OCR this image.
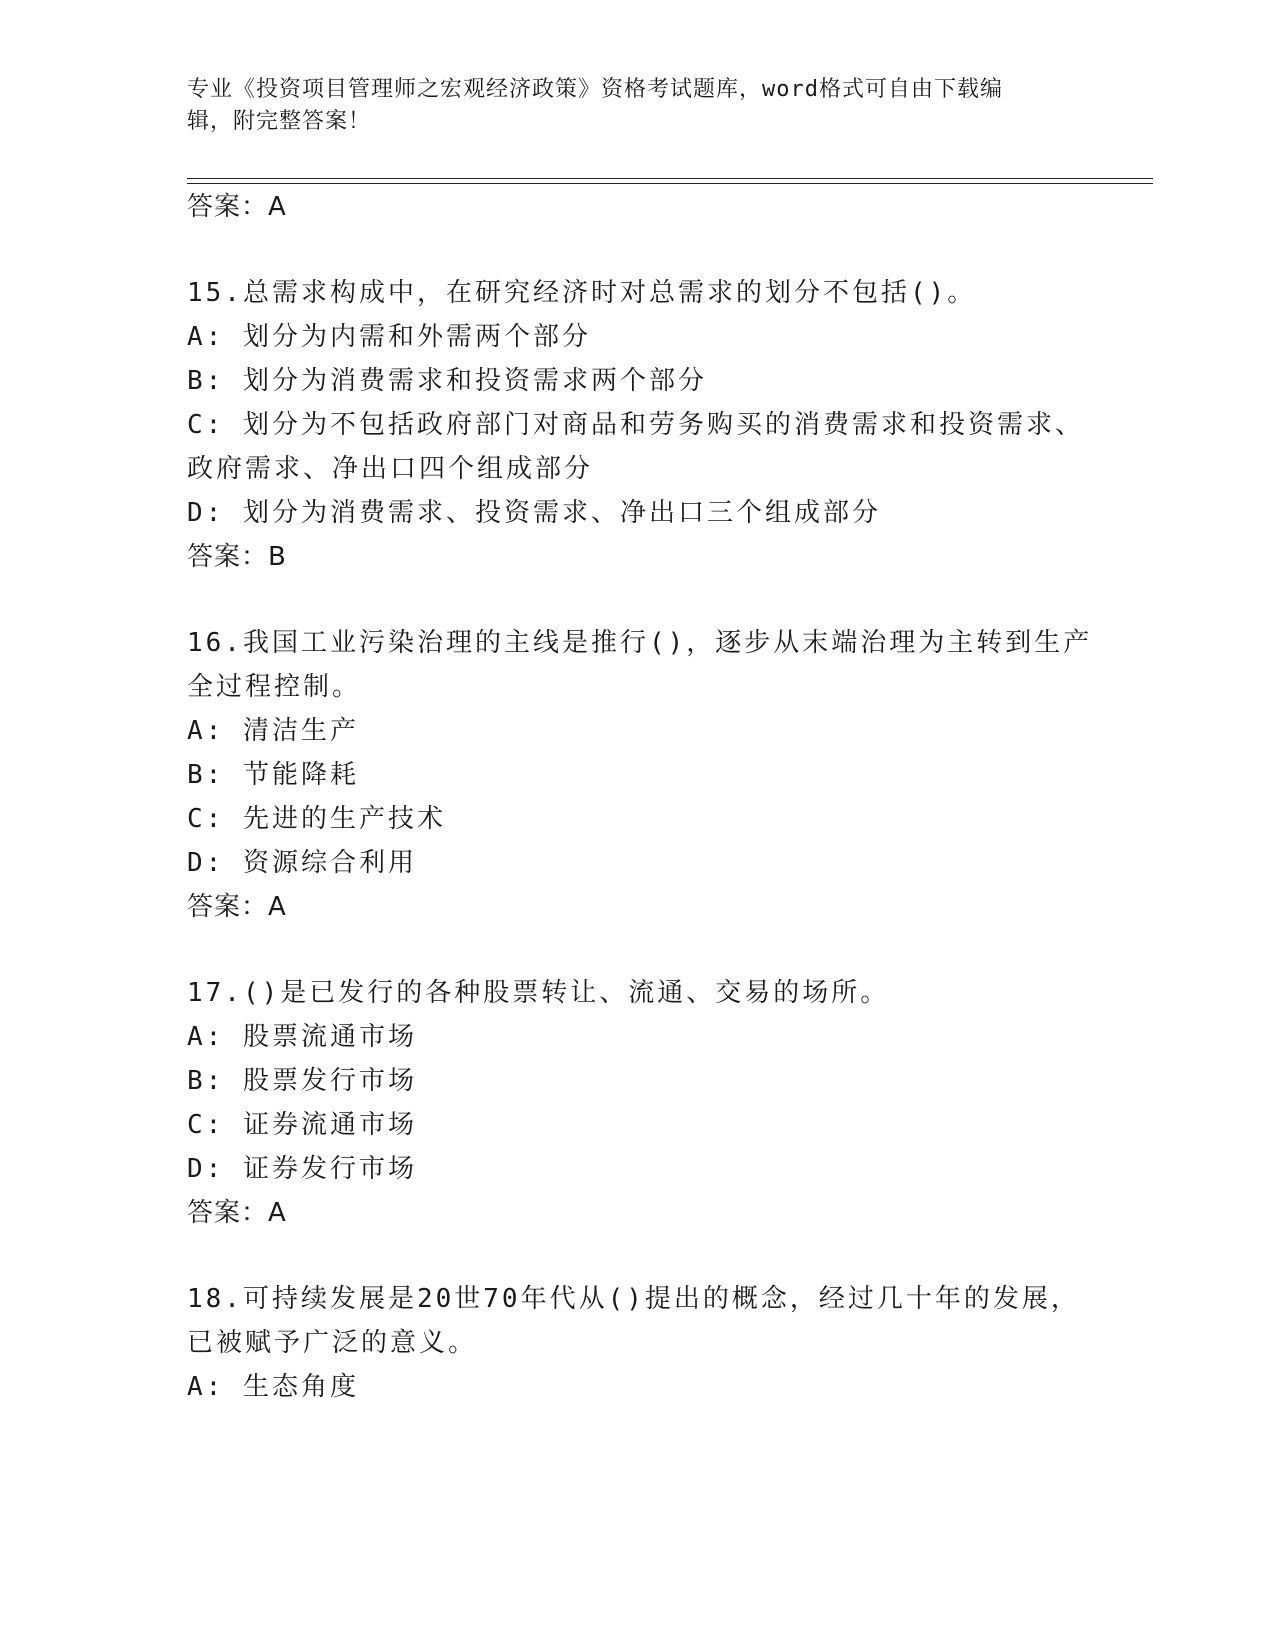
专业《投资项目管理师之宏观经济政策》资格考试题库，word格式可自由下载编
辑，附完整答案！
答案：A
15.总需求构成中，在研究经济时对总需求的划分不包括()。
A: 划分为内需和外需两个部分
B: 划分为消费需求和投资需求两个部分
C: 划分为不包括政府部门对商品和劳务购买的消费需求和投资需求、
政府需求、净出口四个组成部分
D: 划分为消费需求、投资需求、净出口三个组成部分
答案：B
16.我国工业污染治理的主线是推行()，逐步从末端治理为主转到生产
全过程控制。
A: 清洁生产
B: 节能降耗
C: 先进的生产技术
D: 资源综合利用
答案：A
17.()是已发行的各种股票转让、流通、交易的场所。
A: 股票流通市场
B: 股票发行市场
C: 证券流通市场
D: 证券发行市场
答案：A
18.可持续发展是20世70年代从()提出的概念，经过几十年的发展，
已被赋予广泛的意义。
A: 生态角度
